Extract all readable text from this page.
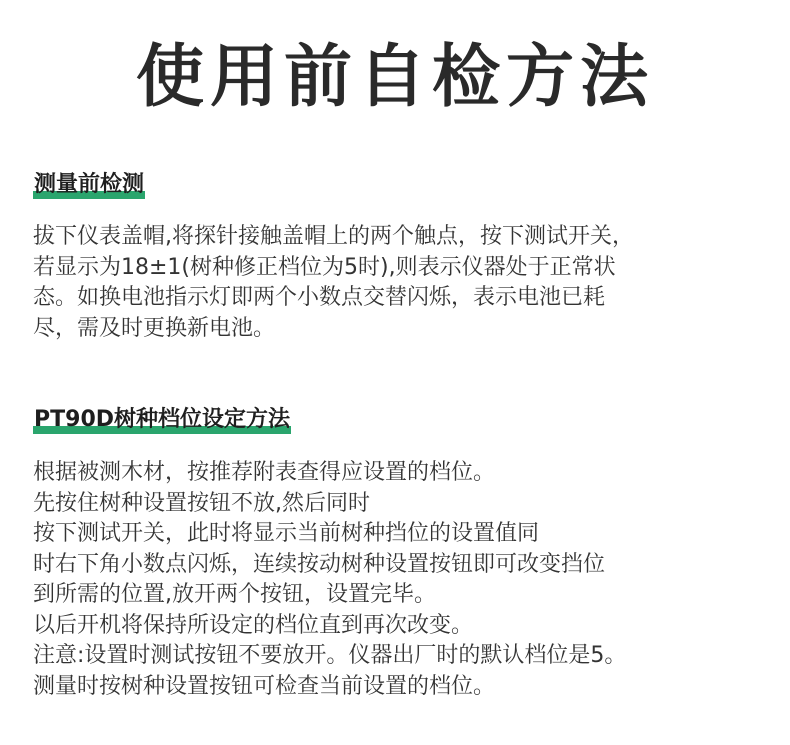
使用前自检方法
测量前检测
拔下仪表盖帽,将探针接触盖帽上的两个触点，按下测试开关，
若显示为18±1(树种修正档位为5时),则表示仪器处于正常状
态。如换电池指示灯即两个小数点交替闪烁，表示电池已耗
尽，需及时更换新电池。
PT90D树种档位设定方法
根据被测木材，按推荐附表查得应设置的档位。
先按住树种设置按钮不放,然后同时
按下测试开关，此时将显示当前树种挡位的设置值同
时右下角小数点闪烁，连续按动树种设置按钮即可改变挡位
到所需的位置,放开两个按钮，设置完毕。
以后开机将保持所设定的档位直到再次改变。
注意:设置时测试按钮不要放开。仪器出厂时的默认档位是5。
测量时按树种设置按钮可检查当前设置的档位。
